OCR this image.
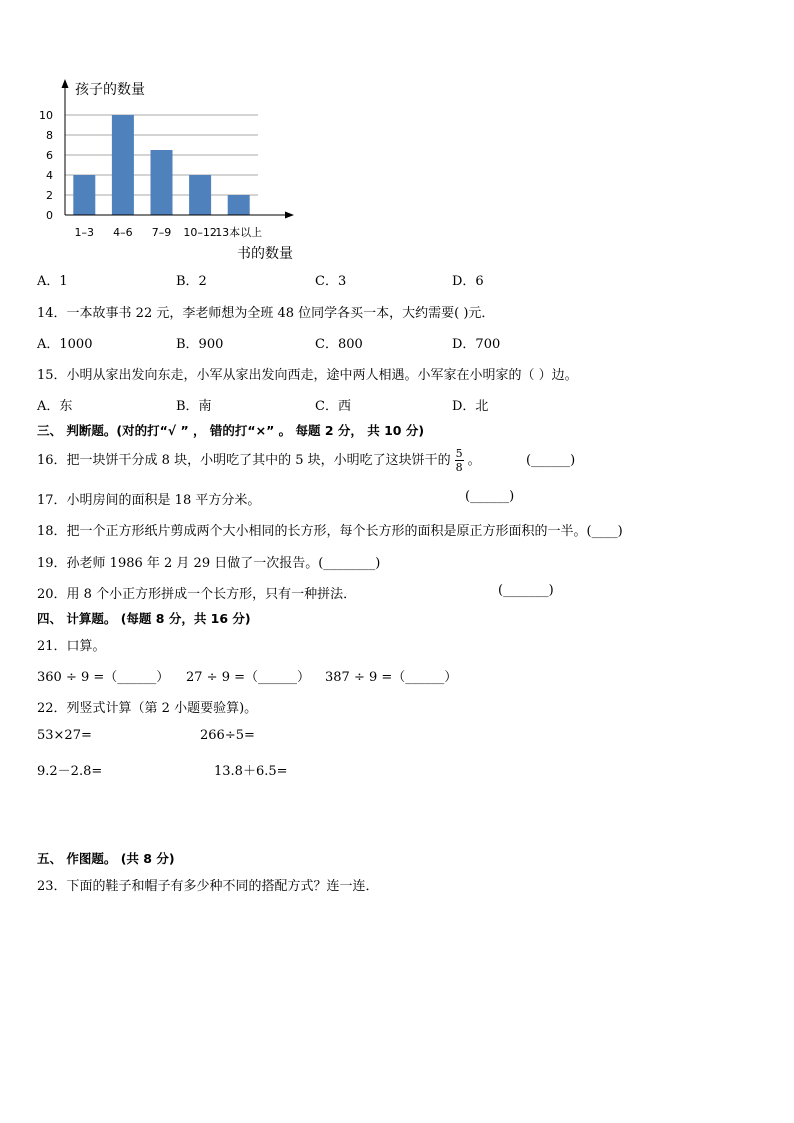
0
2
4
6
8
10
1–3 4–6 7–9 10–12
13本以上
孩子的数量
书的数量
A．1	B．2	C．3	D．6
14．一本故事书 22 元，李老师想为全班 48 位同学各买一本，大约需要( )元．
A．1000	B．900	C．800	D．700
15．小明从家出发向东走，小军从家出发向西走，途中两人相遇。小军家在小明家的（ ）边。
A．东	B．南	C．西	D．北
三、 判断题。(对的打“√ ” ， 错的打“×” 。 每题 2 分， 共 10 分)
16．把一块饼干分成 8 块，小明吃了其中的 5 块，小明吃了这块饼干的 $\frac{5}{8}$ 。	(______)
17．小明房间的面积是 18 平方分米。	(______)
18．把一个正方形纸片剪成两个大小相同的长方形，每个长方形的面积是原正方形面积的一半。(____)
19．孙老师 1986 年 2 月 29 日做了一次报告。(________)
20．用 8 个小正方形拼成一个长方形，只有一种拼法．	(_______)
四、 计算题。 (每题 8 分，共 16 分)
21．口算。
360 ÷ 9 =（______） 27 ÷ 9 =（______） 387 ÷ 9 =（______）
22．列竖式计算（第 2 小题要验算)。
53×27=	266÷5=
9.2－2.8=	13.8＋6.5=
五、 作图题。 (共 8 分)
23．下面的鞋子和帽子有多少种不同的搭配方式？连一连．
